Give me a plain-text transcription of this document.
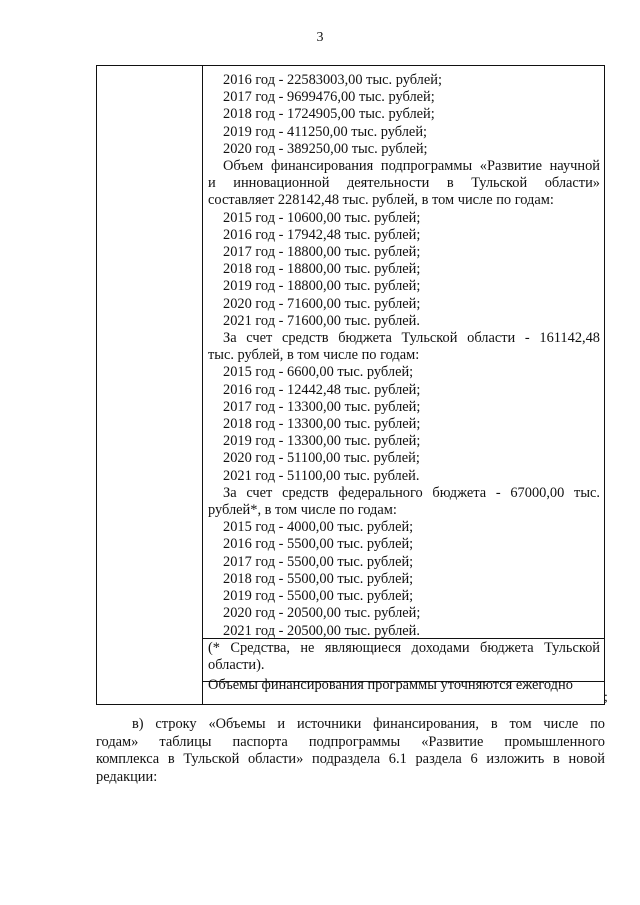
3
2016 год - 22583003,00 тыс. рублей;
2017 год - 9699476,00 тыс. рублей;
2018 год - 1724905,00 тыс. рублей;
2019 год - 411250,00 тыс. рублей;
2020 год - 389250,00 тыс. рублей;
Объем финансирования подпрограммы «Развитие научной
и инновационной деятельности в Тульской области»
составляет 228142,48 тыс. рублей, в том числе по годам:
2015 год - 10600,00 тыс. рублей;
2016 год - 17942,48 тыс. рублей;
2017 год - 18800,00 тыс. рублей;
2018 год - 18800,00 тыс. рублей;
2019 год - 18800,00 тыс. рублей;
2020 год - 71600,00 тыс. рублей;
2021 год - 71600,00 тыс. рублей.
За счет средств бюджета Тульской области - 161142,48
тыс. рублей, в том числе по годам:
2015 год - 6600,00 тыс. рублей;
2016 год - 12442,48 тыс. рублей;
2017 год - 13300,00 тыс. рублей;
2018 год - 13300,00 тыс. рублей;
2019 год - 13300,00 тыс. рублей;
2020 год - 51100,00 тыс. рублей;
2021 год - 51100,00 тыс. рублей.
За счет средств федерального бюджета - 67000,00 тыс.
рублей*, в том числе по годам:
2015 год - 4000,00 тыс. рублей;
2016 год - 5500,00 тыс. рублей;
2017 год - 5500,00 тыс. рублей;
2018 год - 5500,00 тыс. рублей;
2019 год - 5500,00 тыс. рублей;
2020 год - 20500,00 тыс. рублей;
2021 год - 20500,00 тыс. рублей.
(* Средства, не являющиеся доходами бюджета Тульской
области).
Объемы финансирования программы уточняются ежегодно
;
в) строку «Объемы и источники финансирования, в том числе по
годам» таблицы паспорта подпрограммы «Развитие промышленного
комплекса в Тульской области» подраздела 6.1 раздела 6 изложить в новой
редакции:
